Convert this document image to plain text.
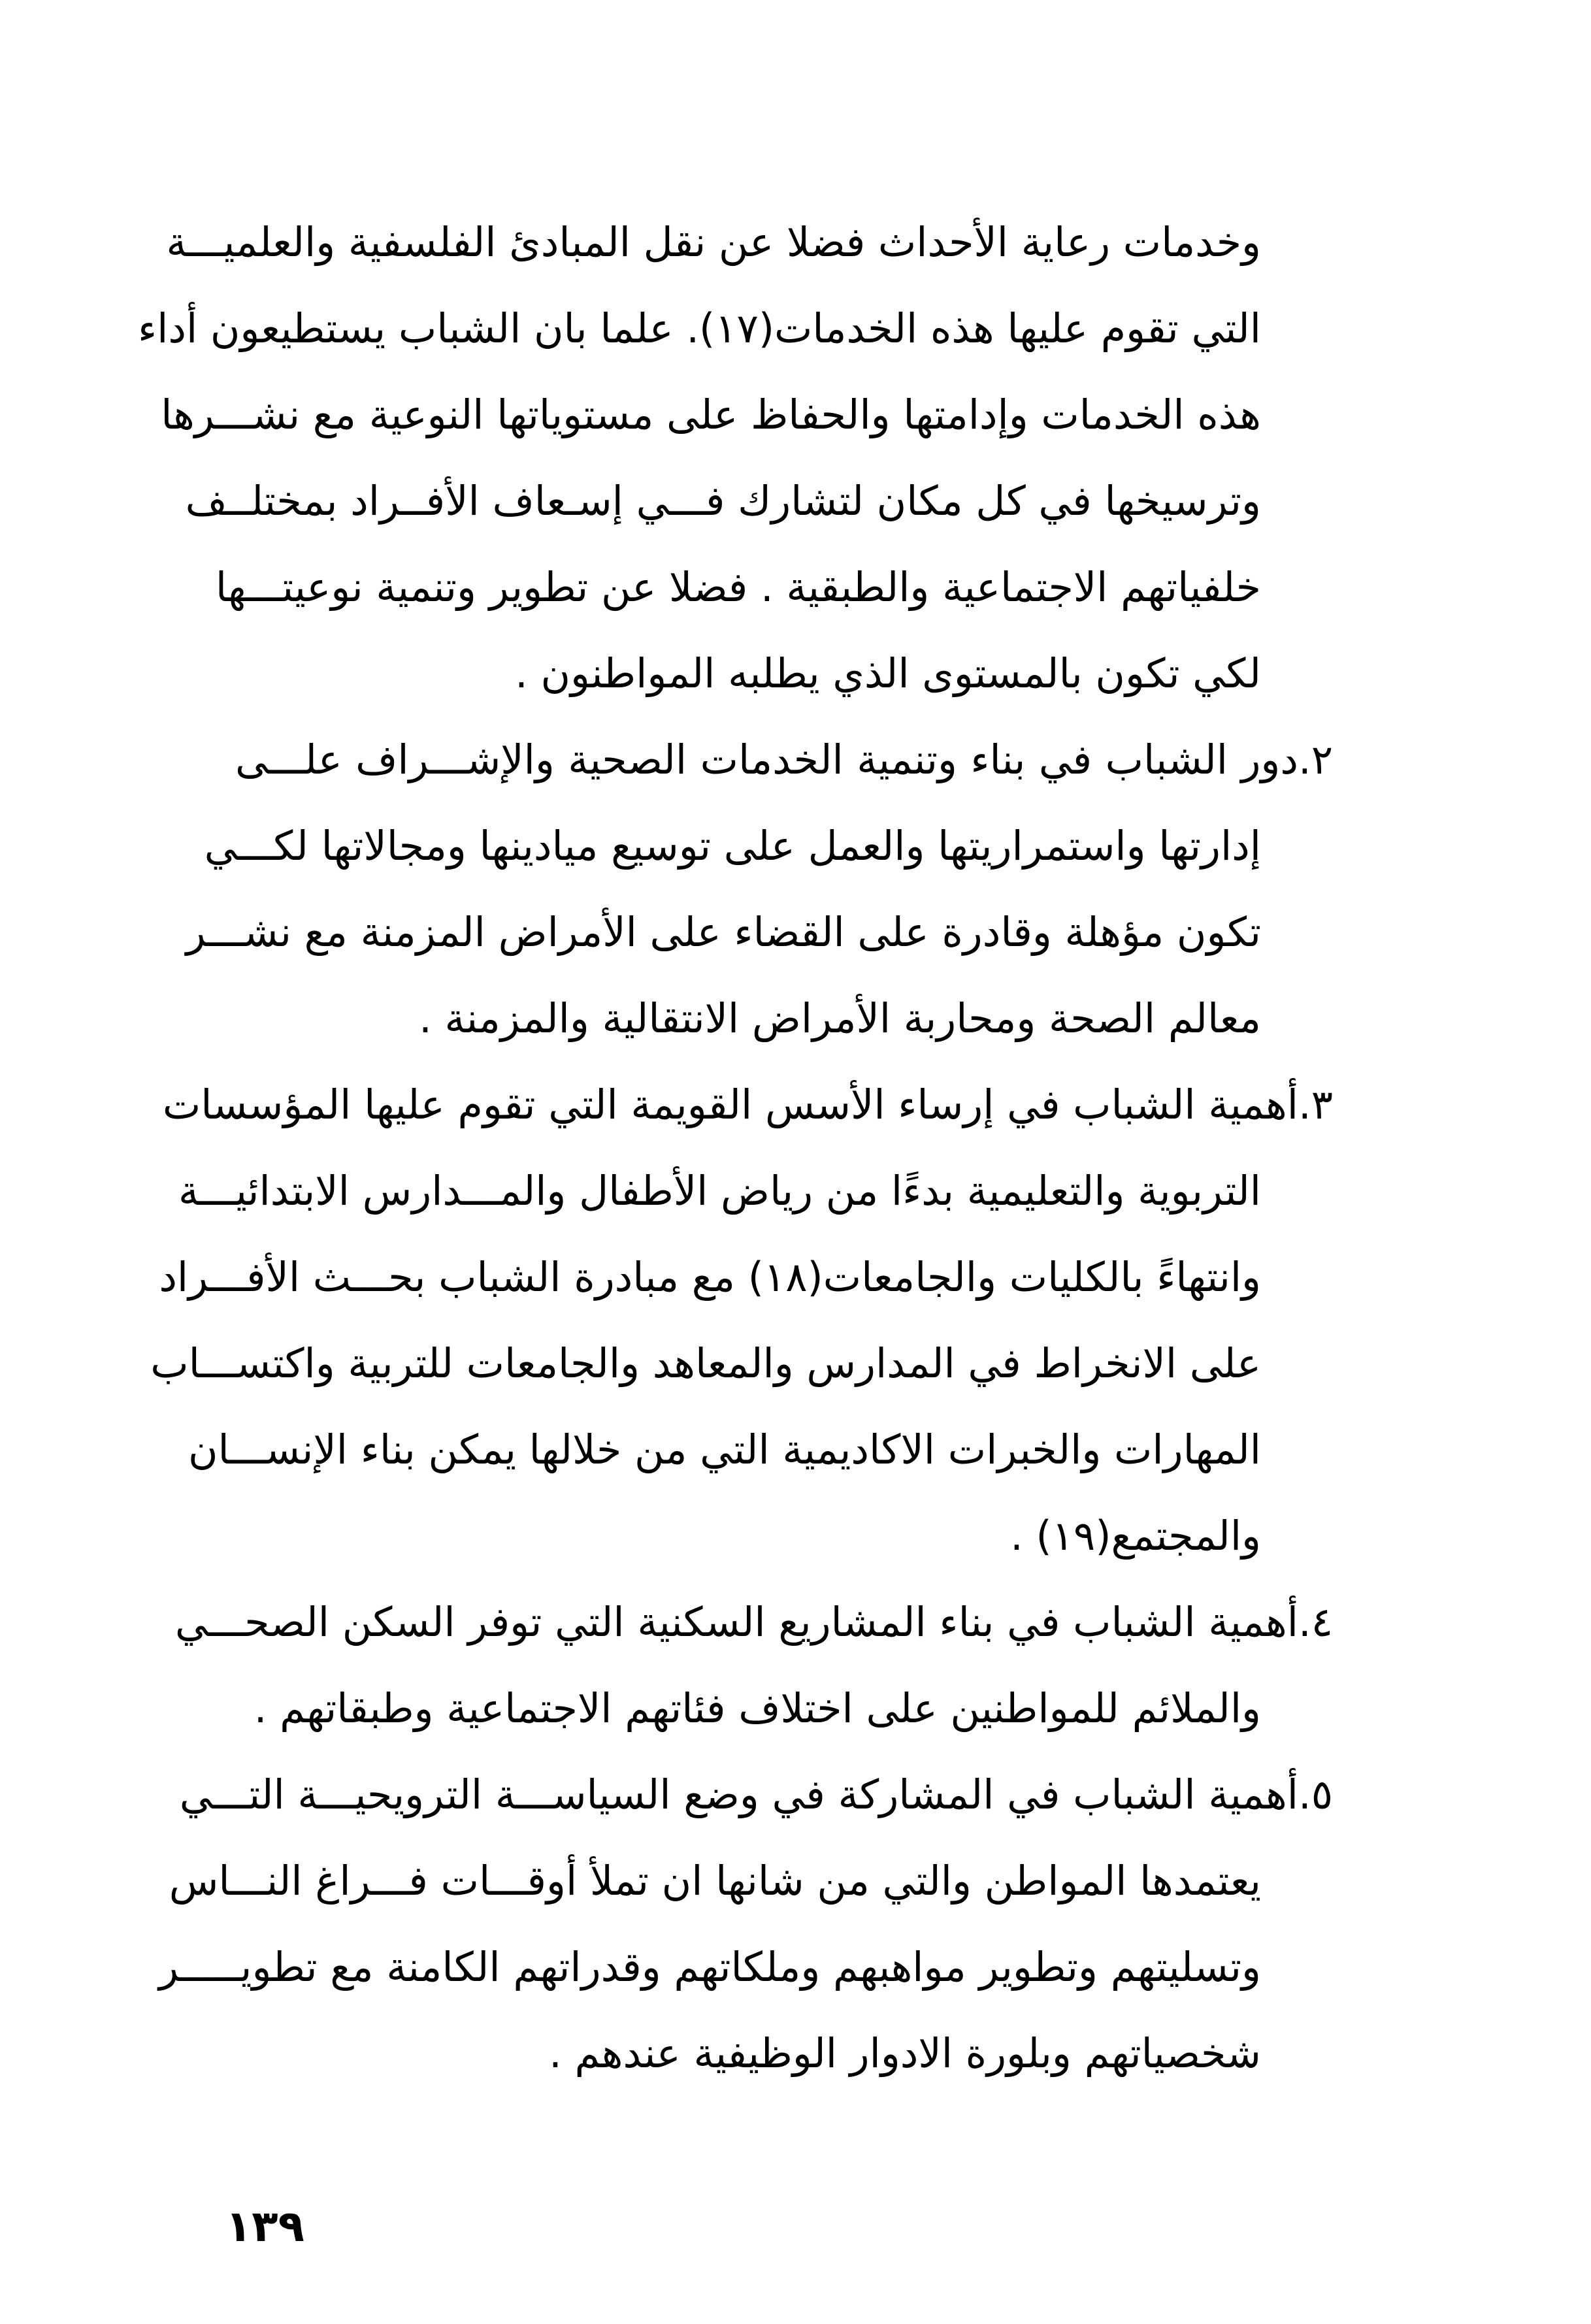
وخدمات رعاية الأحداث فضلا عن نقل المبادئ الفلسفية والعلميـــة
التي تقوم عليها هذه الخدمات(١٧). علما بان الشباب يستطيعون أداء
هذه الخدمات وإدامتها والحفاظ على مستوياتها النوعية مع نشـــرها
وترسيخها في كل مكان لتشارك فـــي إسـعاف الأفــراد بمختلــف
خلفياتهم الاجتماعية والطبقية . فضلا عن تطوير وتنمية نوعيتـــها
لكي تكون بالمستوى الذي يطلبه المواطنون .
٢.دور الشباب في بناء وتنمية الخدمات الصحية والإشـــراف علـــى
إدارتها واستمراريتها والعمل على توسيع ميادينها ومجالاتها لكـــي
تكون مؤهلة وقادرة على القضاء على الأمراض المزمنة مع نشـــر
معالم الصحة ومحاربة الأمراض الانتقالية والمزمنة .
٣.أهمية الشباب في إرساء الأسس القويمة التي تقوم عليها المؤسسات
التربوية والتعليمية بدءًا من رياض الأطفال والمـــدارس الابتدائيـــة
وانتهاءً بالكليات والجامعات(١٨) مع مبادرة الشباب بحـــث الأفـــراد
على الانخراط في المدارس والمعاهد والجامعات للتربية واكتســـاب
المهارات والخبرات الاكاديمية التي من خلالها يمكن بناء الإنســـان
والمجتمع(١٩) .
٤.أهمية الشباب في بناء المشاريع السكنية التي توفر السكن الصحـــي
والملائم للمواطنين على اختلاف فئاتهم الاجتماعية وطبقاتهم .
٥.أهمية الشباب في المشاركة في وضع السياســـة الترويحيـــة التـــي
يعتمدها المواطن والتي من شانها ان تملأ أوقـــات فـــراغ النـــاس
وتسليتهم وتطوير مواهبهم وملكاتهم وقدراتهم الكامنة مع تطويـــــر
شخصياتهم وبلورة الادوار الوظيفية عندهم .
١٣٩
